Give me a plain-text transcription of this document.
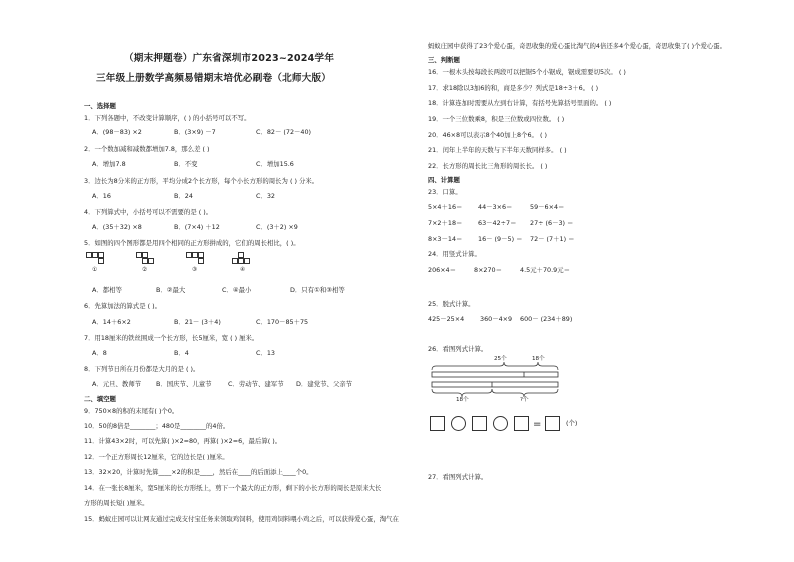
（期末押题卷）广东省深圳市2023~2024学年
三年级上册数学高频易错期末培优必刷卷（北师大版）
一、选择题
1．下列各题中，不改变计算顺序，( ) 的小括号可以不写。
A．(98－83) ×2	B．(3×9) －7	C．82－ (72－40)
2．一个数加减和减数都增加7.8，那么差 ( )
A．增加7.8	B．不变	C．增加15.6
3．边长为8分米的正方形，平均分成2个长方形，每个小长方形的周长为 ( ) 分米。
A．16	B．24	C．32
4．下列算式中，小括号可以不需要的是 ( )。
A．(35＋32) ×8	B．(7×4) ＋12	C．(3＋2) ×9
5．如图的四个图形都是用四个相同的正方形拼成的，它们的周长相比，( )。
①	②	③	④
A．都相等	B．②最大	C．④最小	D．只有①和③相等
6．先算加法的算式是 ( )。
A．14＋6×2	B．21－ (3＋4)	C．170－85＋75
7．用18厘米的铁丝围成一个长方形，长5厘米，宽 ( ) 厘米。
A．8	B．4	C．13
8．下列节日所在月份都是大月的是 ( )。
A．元旦、教师节 B．国庆节、儿童节	C．劳动节、建军节 D．建党节、父亲节
二、填空题
9．750×8的积的末尾有( )个0。
10．50的8倍是________；480是________的4倍。
11．计算43×2时，可以先算( )×2=80，再算( )×2=6，最后算( )。
12．一个正方形周长12厘米，它的边长是( )厘米。
13．32×20，计算时先算____×2的积是____，然后在____的后面添上____个0。
14．在一张长8厘米，宽5厘米的长方形纸上，剪下一个最大的正方形，剩下的小长方形的周长是原来大长
方形的周长短( )厘米。
15．蚂蚁庄园可以让网友通过完成支付宝任务来领取鸡饲料，使用鸡饲料喂小鸡之后，可以获得爱心蛋，淘气在
蚂蚁庄园中获得了23个爱心蛋，奇思收集的爱心蛋比淘气的4倍还多4个爱心蛋，奇思收集了( )个爱心蛋。
三、判断题
16．一根木头按每段长两段可以把锯5个小锯成，锯成需要切5次。 ( )
17．求18除以3加6的和，商是多少？列式是18÷3＋6。 ( )
18．计算连加时需要从左到右计算，有括号先算括号里面的。 ( )
19．一个三位数乘8，积是三位数或四位数。 ( )
20．46×8可以表示8个40加上8个6。 ( )
21．闰年上半年的天数与下半年天数同样多。 ( )
22．长方形的周长比三角形的周长长。 ( )
四、计算题
23．口算。
5×4＋16＝ 44－3×6＝	59－6×4＝
7×2＋18＝ 63－42÷7＝ 27÷ (6－3) ＝
8×3－14＝ 16－ (9－5) ＝ 72－ (7＋1) ＝
24．用竖式计算。
206×4＝	8×270＝	4.5元＋70.9元＝
25．脱式计算。
425－25×4 360－4×9 600－ (234＋89)
26．看图列式计算。
25个	18个
18个	?个
=	(个)
27．看图列式计算。
